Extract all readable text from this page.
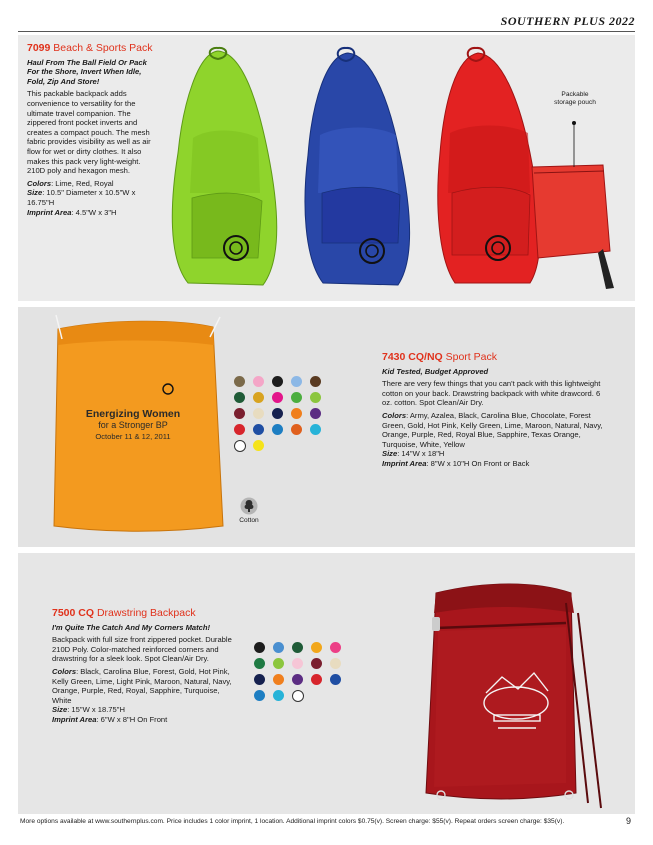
SOUTHERN PLUS 2022
7099 Beach & Sports Pack
Haul From The Ball Field Or Pack For the Shore, Invert When Idle, Fold, Zip And Store!
This packable backpack adds convenience to versatility for the ultimate travel companion. The zippered front pocket inverts and creates a compact pouch. The mesh fabric provides visibility as well as air flow for wet or dirty clothes. It also makes this pack very light-weight. 210D poly and hexagon mesh.
Colors: Lime, Red, Royal
Size: 10.5" Diameter x 10.5"W x 16.75"H
Imprint Area: 4.5"W x 3"H
Packable storage pouch
Energizing Women
for a Stronger BP
October 11 & 12, 2011
Cotton
7430 CQ/NQ Sport Pack
Kid Tested, Budget Approved
There are very few things that you can't pack with this lightweight cotton on your back. Drawstring backpack with white drawcord. 6 oz. cotton. Spot Clean/Air Dry.
Colors: Army, Azalea, Black, Carolina Blue, Chocolate, Forest Green, Gold, Hot Pink, Kelly Green, Lime, Maroon, Natural, Navy, Orange, Purple, Red, Royal Blue, Sapphire, Texas Orange, Turquoise, White, Yellow
Size: 14"W x 18"H
Imprint Area: 8"W x 10"H On Front or Back
7500 CQ Drawstring Backpack
I'm Quite The Catch And My Corners Match!
Backpack with full size front zippered pocket. Durable 210D Poly. Color-matched reinforced corners and drawstring for a sleek look. Spot Clean/Air Dry.
Colors: Black, Carolina Blue, Forest, Gold, Hot Pink, Kelly Green, Lime, Light Pink, Maroon, Natural, Navy, Orange, Purple, Red, Royal, Sapphire, Turquoise, White
Size: 15"W x 18.75"H
Imprint Area: 6"W x 8"H On Front
More options available at www.southernplus.com. Price includes 1 color imprint, 1 location. Additional imprint colors $0.75(v). Screen charge: $55(v). Repeat orders screen charge: $35(v).	9
